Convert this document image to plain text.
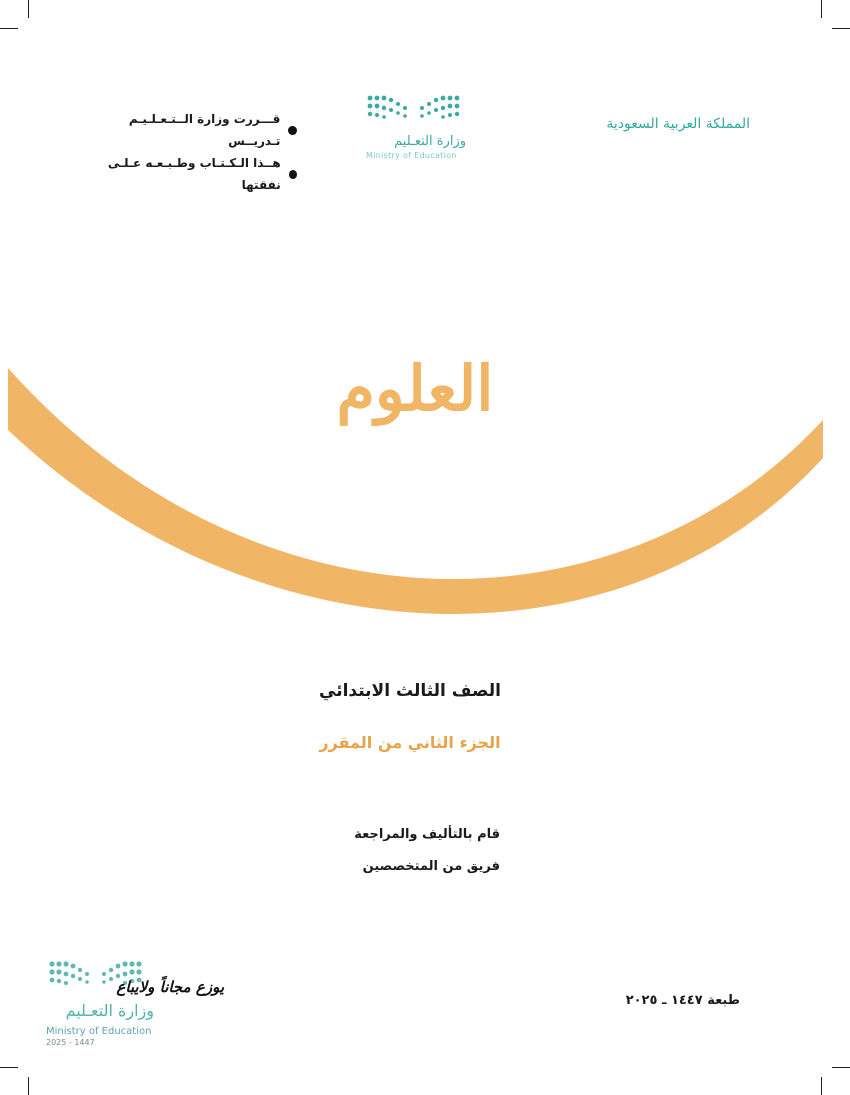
المملكة العربية السعودية
وزارة التعـليم
Ministry of Education
قـــررت وزارة الــتـعـلـيـم تـدريــس
هــذا الـكـتـاب وطـبـعـه عـلـى نفقتها
العلوم
الصف الثالث الابتدائي
الجزء الثاني من المقرر
قام بالتأليف والمراجعة
فريق من المتخصصين
يوزع مجاناً ولايباع
وزارة التعـليم
Ministry of Education
2025 - 1447
طبعة ١٤٤٧ ـ ٢٠٢٥
